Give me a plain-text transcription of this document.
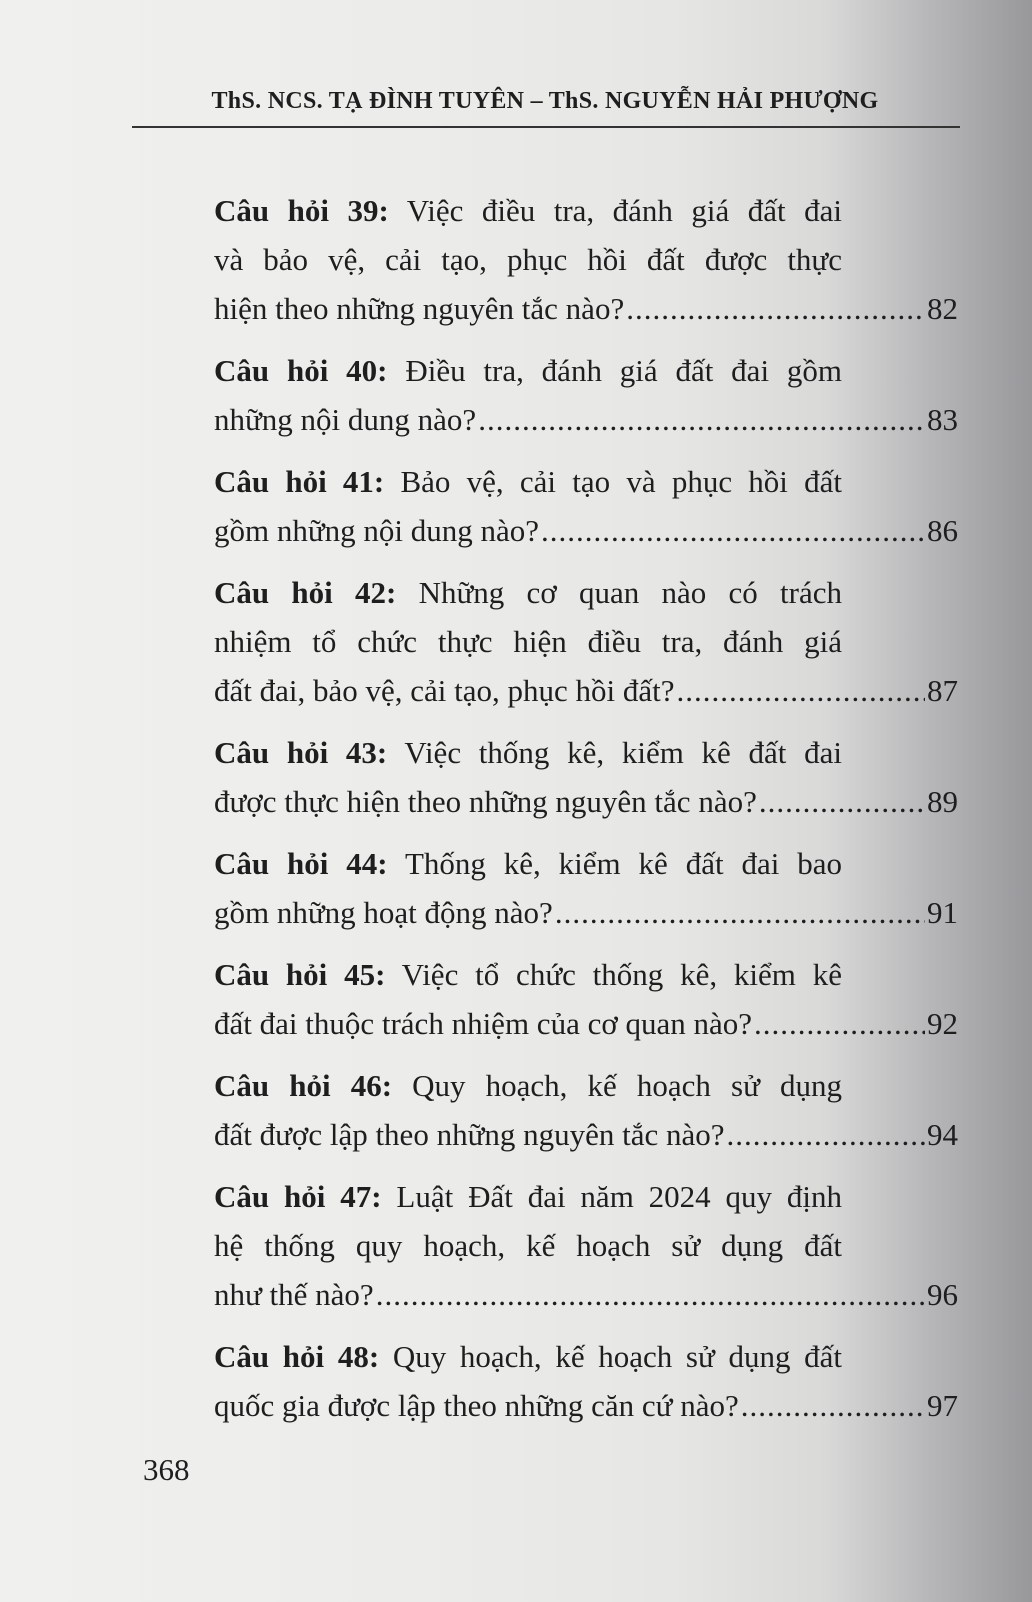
ThS. NCS. TẠ ĐÌNH TUYÊN – ThS. NGUYỄN HẢI PHƯỢNG
Câu hỏi 39: Việc điều tra, đánh giá đất đai
và bảo vệ, cải tạo, phục hồi đất được thực
hiện theo những nguyên tắc nào? .....	82
Câu hỏi 40: Điều tra, đánh giá đất đai gồm
những nội dung nào? .....	83
Câu hỏi 41: Bảo vệ, cải tạo và phục hồi đất
gồm những nội dung nào? .....	86
Câu hỏi 42: Những cơ quan nào có trách
nhiệm tổ chức thực hiện điều tra, đánh giá
đất đai, bảo vệ, cải tạo, phục hồi đất? .....	87
Câu hỏi 43: Việc thống kê, kiểm kê đất đai
được thực hiện theo những nguyên tắc nào? .....	89
Câu hỏi 44: Thống kê, kiểm kê đất đai bao
gồm những hoạt động nào? .....	91
Câu hỏi 45: Việc tổ chức thống kê, kiểm kê
đất đai thuộc trách nhiệm của cơ quan nào? .....	92
Câu hỏi 46: Quy hoạch, kế hoạch sử dụng
đất được lập theo những nguyên tắc nào? .....	94
Câu hỏi 47: Luật Đất đai năm 2024 quy định
hệ thống quy hoạch, kế hoạch sử dụng đất
như thế nào? .....	96
Câu hỏi 48: Quy hoạch, kế hoạch sử dụng đất
quốc gia được lập theo những căn cứ nào? .....	97
368
